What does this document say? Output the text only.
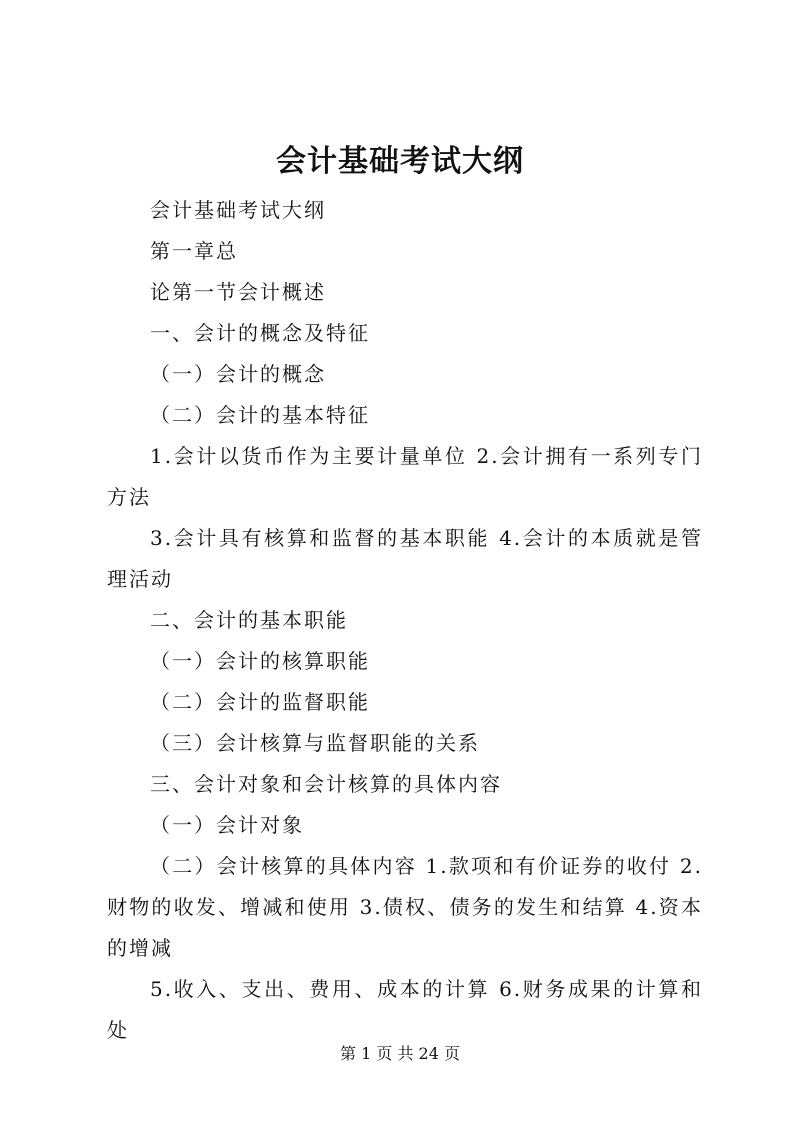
会计基础考试大纲

会计基础考试大纲

第一章总

论第一节会计概述

一、会计的概念及特征

（一）会计的概念

（二）会计的基本特征

1.会计以货币作为主要计量单位 2.会计拥有一系列专门方法

3.会计具有核算和监督的基本职能 4.会计的本质就是管理活动

二、会计的基本职能

（一）会计的核算职能

（二）会计的监督职能

（三）会计核算与监督职能的关系

三、会计对象和会计核算的具体内容

（一）会计对象

（二）会计核算的具体内容 1.款项和有价证券的收付 2.财物的收发、增减和使用 3.债权、债务的发生和结算 4.资本的增减

5.收入、支出、费用、成本的计算 6.财务成果的计算和处

第 1 页 共 24 页
